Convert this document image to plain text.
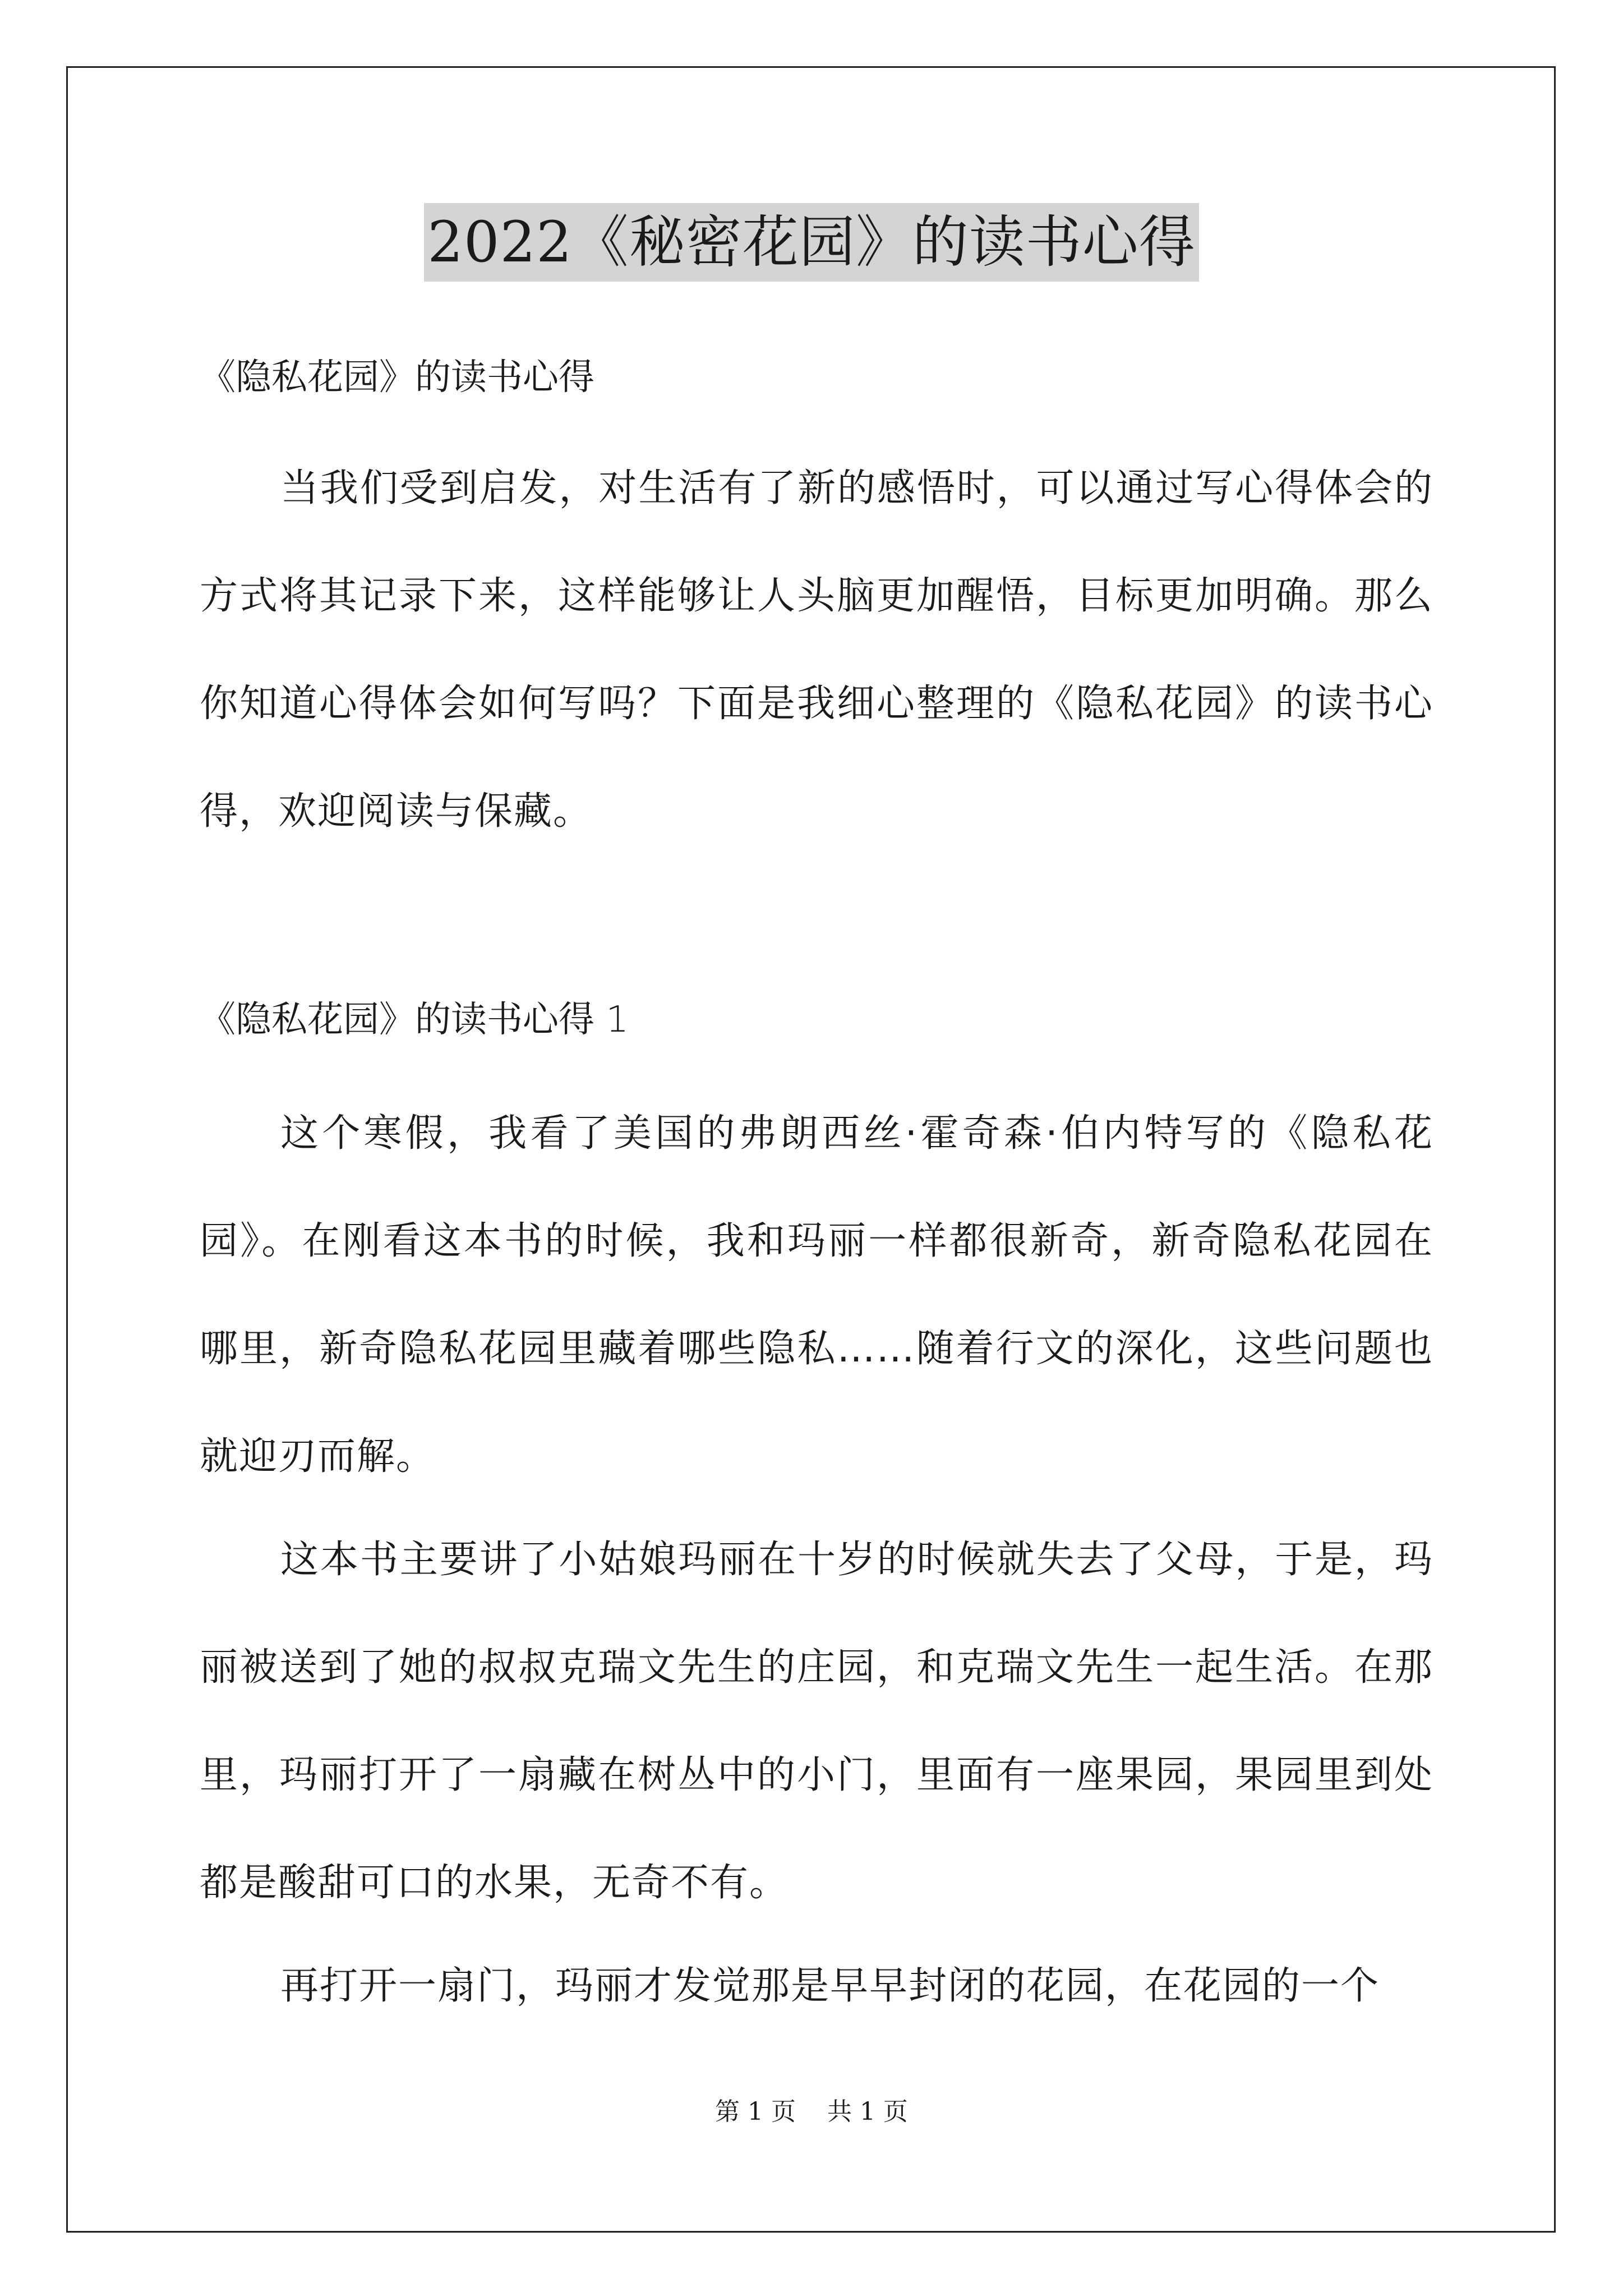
2022《秘密花园》的读书心得
《隐私花园》的读书心得
当我们受到启发，对生活有了新的感悟时，可以通过写心得体会的方式将其记录下来，这样能够让人头脑更加醒悟，目标更加明确。那么你知道心得体会如何写吗？下面是我细心整理的《隐私花园》的读书心得，欢迎阅读与保藏。
《隐私花园》的读书心得 1
这个寒假，我看了美国的弗朗西丝·霍奇森·伯内特写的《隐私花园》。在刚看这本书的时候，我和玛丽一样都很新奇，新奇隐私花园在哪里，新奇隐私花园里藏着哪些隐私……随着行文的深化，这些问题也就迎刃而解。
这本书主要讲了小姑娘玛丽在十岁的时候就失去了父母，于是，玛丽被送到了她的叔叔克瑞文先生的庄园，和克瑞文先生一起生活。在那里，玛丽打开了一扇藏在树丛中的小门，里面有一座果园，果园里到处都是酸甜可口的水果，无奇不有。
再打开一扇门，玛丽才发觉那是早早封闭的花园，在花园的一个
第 1 页    共 1 页
